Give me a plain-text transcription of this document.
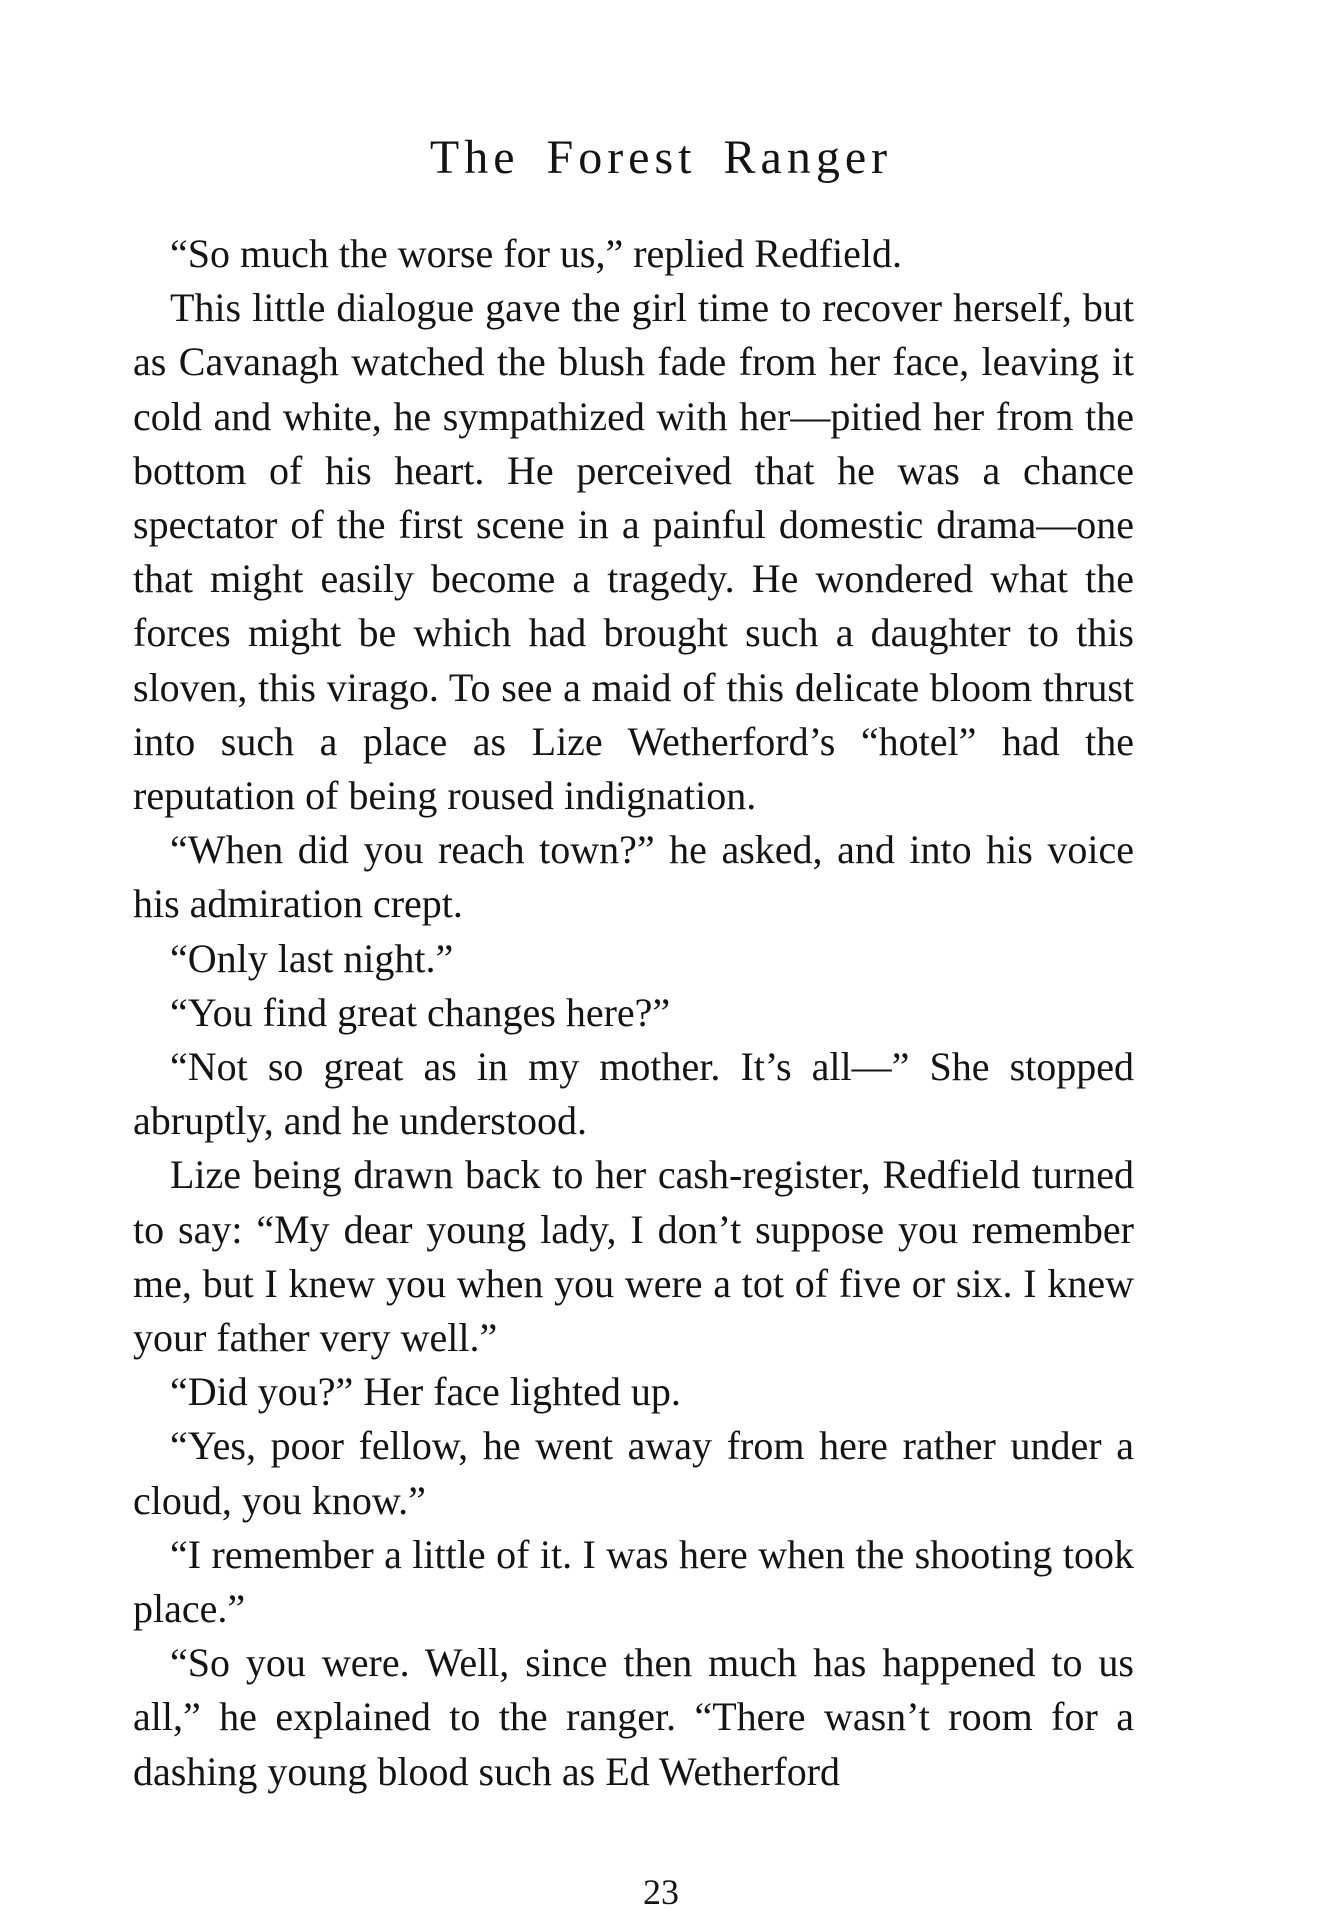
The Forest Ranger

“So much the worse for us,” replied Redfield.

This little dialogue gave the girl time to recover herself, but as Cavanagh watched the blush fade from her face, leaving it cold and white, he sympathized with her—pitied her from the bottom of his heart. He perceived that he was a chance spectator of the first scene in a painful domestic drama—one that might easily become a tragedy. He wondered what the forces might be which had brought such a daughter to this sloven, this virago. To see a maid of this delicate bloom thrust into such a place as Lize Wetherford’s “hotel” had the reputation of being roused indignation.

“When did you reach town?” he asked, and into his voice his admiration crept.

“Only last night.”

“You find great changes here?”

“Not so great as in my mother. It’s all—” She stopped abruptly, and he understood.

Lize being drawn back to her cash-register, Redfield turned to say: “My dear young lady, I don’t suppose you remember me, but I knew you when you were a tot of five or six. I knew your father very well.”

“Did you?” Her face lighted up.

“Yes, poor fellow, he went away from here rather under a cloud, you know.”

“I remember a little of it. I was here when the shooting took place.”

“So you were. Well, since then much has happened to us all,” he explained to the ranger. “There wasn’t room for a dashing young blood such as Ed Wetherford

23
